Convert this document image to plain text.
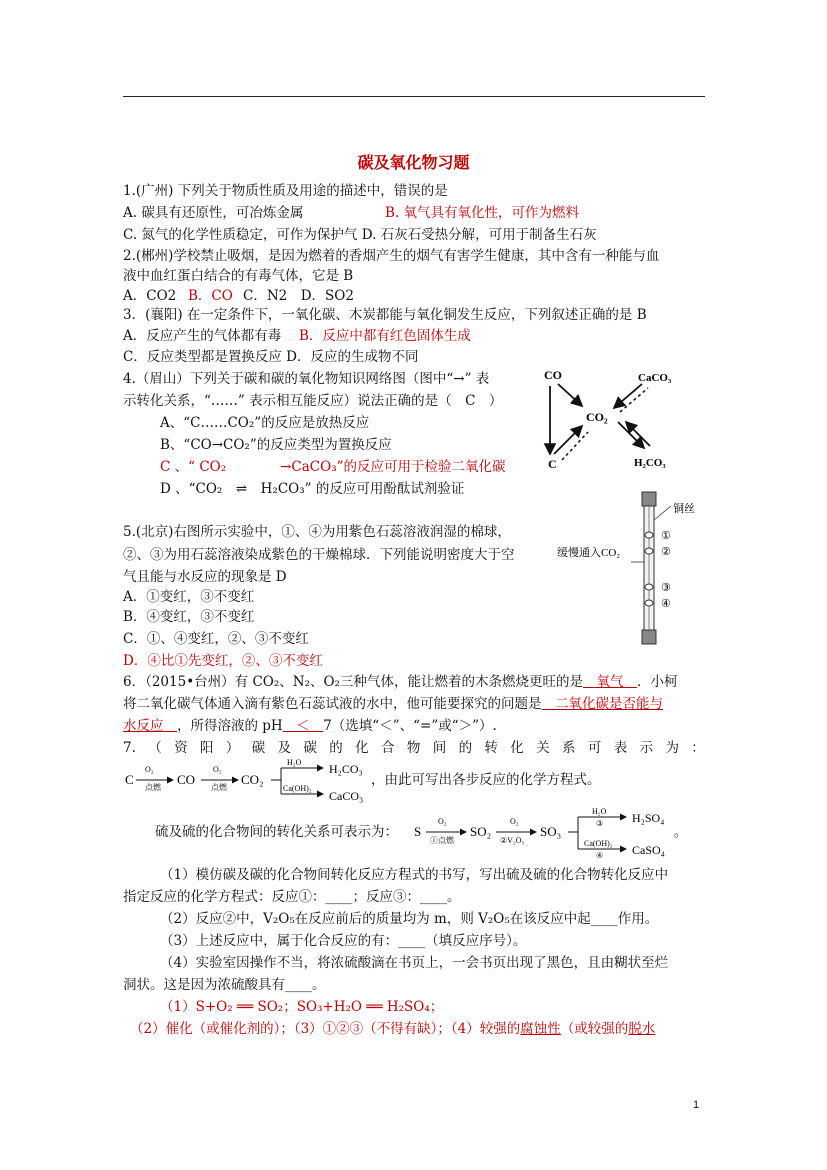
碳及氧化物习题
1.(广州) 下列关于物质性质及用途的描述中，错误的是
A. 碳具有还原性，可冶炼金属	B. 氧气具有氧化性，可作为燃料
C. 氮气的化学性质稳定，可作为保护气 D. 石灰石受热分解，可用于制备生石灰
2.(郴州)学校禁止吸烟，是因为燃着的香烟产生的烟气有害学生健康，其中含有一种能与血
液中血红蛋白结合的有毒气体，它是 B
A．CO2 B．CO C．N2　D．SO2
3．(襄阳) 在一定条件下，一氧化碳、木炭都能与氧化铜发生反应，下列叙述正确的是 B
A．反应产生的气体都有毒 B．反应中都有红色固体生成
C．反应类型都是置换反应 D．反应的生成物不同
4.（眉山）下列关于碳和碳的氧化物知识网络图（图中“→” 表
示转化关系，“……” 表示相互能反应）说法正确的是（　C　）
A、“C……CO₂”的反应是放热反应
B、“CO→CO₂”的反应类型为置换反应
C 、“ CO₂　　　　→CaCO₃”的反应可用于检验二氧化碳
D 、“CO₂　⇌　H₂CO₃” 的反应可用酚酞试剂验证
CO	CaCO₃
CO₂
C	H₂CO₃
5.(北京)右图所示实验中，①、④为用紫色石蕊溶液润湿的棉球，
②、③为用石蕊溶液染成紫色的干燥棉球．下列能说明密度大于空
气且能与水反应的现象是 D
A．①变红，③不变红
B．④变红，③不变红
C．①、④变红，②、③不变红
D．④比①先变红，②、③不变红
铜丝
缓慢通入CO₂
①
②
③
④
6．（2015•台州）有 CO₂、N₂、O₂三种气体，能让燃着的木条燃烧更旺的是　氧气　．小柯
将二氧化碳气体通入滴有紫色石蕊试液的水中，他可能要探究的问题是　二氧化碳是否能与
水反应　，所得溶液的 pH　＜　7（选填“＜”、“=”或“＞”）.
7. （ 资 阳 ） 碳 及 碳 的 化 合 物 间 的 转 化 关 系 可 表 示 为 ：
C
O₂
点燃
CO
O₂
点燃
CO₂
H₂O
Ca(OH)₂
H₂CO₃
CaCO₃
，由此可写出各步反应的化学方程式。
硫及硫的化合物间的转化关系可表示为： S
O₂
①点燃
SO₂
O₂
②V₂O₅
SO₃
H₂O
③
Ca(OH)₂
④
H₂SO₄
CaSO₄
。
（1）模仿碳及碳的化合物间转化反应方程式的书写，写出硫及硫的化合物转化反应中
指定反应的化学方程式：反应①：____；反应③：____。
（2）反应②中，V₂O₅在反应前后的质量均为 m，则 V₂O₅在该反应中起____作用。
（3）上述反应中，属于化合反应的有：____（填反应序号）。
（4）实验室因操作不当，将浓硫酸滴在书页上，一会书页出现了黑色，且由糊状至烂
洞状。这是因为浓硫酸具有____。
（1）S+O₂ ══ SO₂；SO₃+H₂O ══ H₂SO₄；
（2）催化（或催化剂的）；（3）①②③（不得有缺）；（4）较强的腐蚀性（或较强的脱水
1
